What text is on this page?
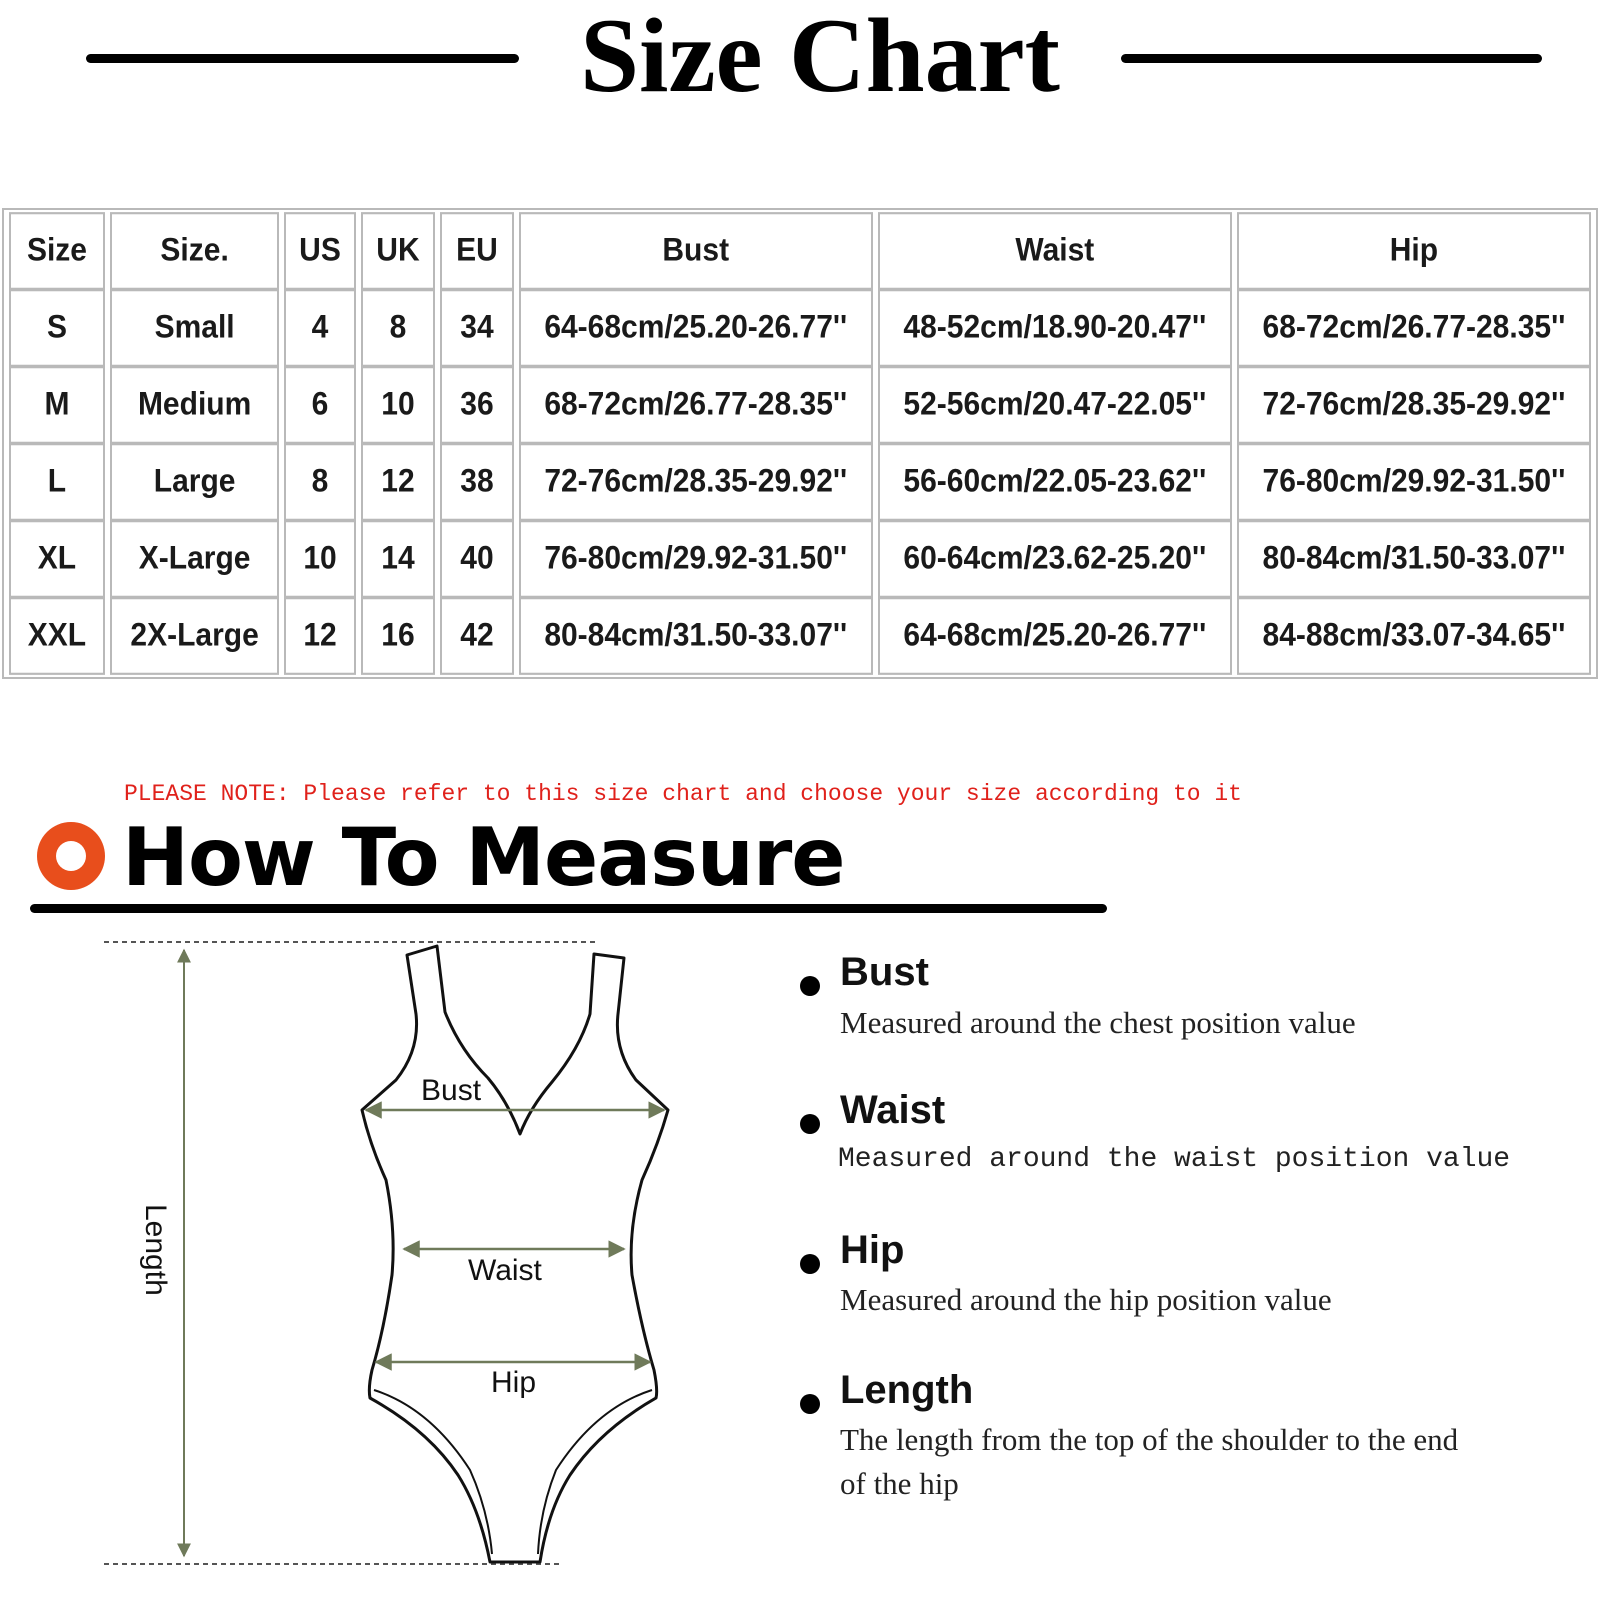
Size Chart
Size	Size.	US	UK	EU	Bust	Waist	Hip
S	Small	4	8	34	64-68cm/25.20-26.77''	48-52cm/18.90-20.47''	68-72cm/26.77-28.35''
M	Medium	6	10	36	68-72cm/26.77-28.35''	52-56cm/20.47-22.05''	72-76cm/28.35-29.92''
L	Large	8	12	38	72-76cm/28.35-29.92''	56-60cm/22.05-23.62''	76-80cm/29.92-31.50''
XL	X-Large	10	14	40	76-80cm/29.92-31.50''	60-64cm/23.62-25.20''	80-84cm/31.50-33.07''
XXL	2X-Large	12	16	42	80-84cm/31.50-33.07''	64-68cm/25.20-26.77''	84-88cm/33.07-34.65''
PLEASE NOTE: Please refer to this size chart and choose your size according to it
How To Measure
Bust
Waist
Hip
Length
Bust
Measured around the chest position value
Waist
Measured around the waist position value
Hip
Measured around the hip position value
Length
The length from the top of the shoulder to the end of the hip
